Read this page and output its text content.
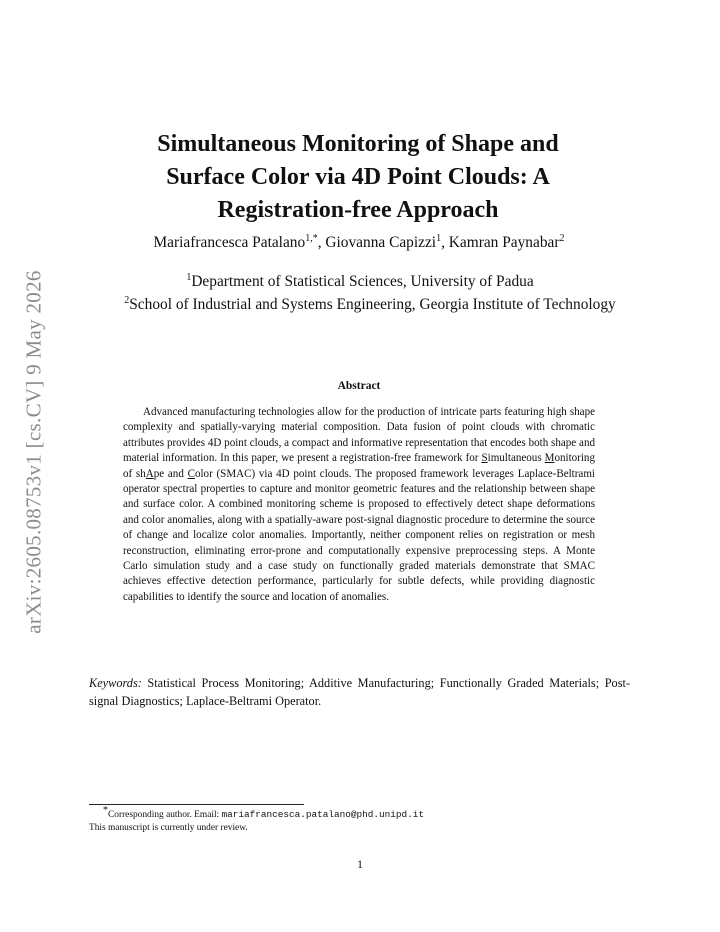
arXiv:2605.08753v1 [cs.CV] 9 May 2026
Simultaneous Monitoring of Shape and
Surface Color via 4D Point Clouds: A
Registration-free Approach
Mariafrancesca Patalano$^{1,*}$, Giovanna Capizzi$^1$, Kamran Paynabar$^2$
$^1$Department of Statistical Sciences, University of Padua
$^2$School of Industrial and Systems Engineering, Georgia Institute of Technology
Abstract
Advanced manufacturing technologies allow for the production of intricate parts featuring high shape complexity and spatially-varying material composition. Data fusion of point clouds with chromatic attributes provides 4D point clouds, a compact and informative representation that encodes both shape and material information. In this paper, we present a registration-free framework for Simultaneous Monitoring of shApe and Color (SMAC) via 4D point clouds. The proposed framework leverages Laplace-Beltrami operator spectral properties to capture and monitor geometric features and the relationship between shape and surface color. A combined monitoring scheme is proposed to effectively detect shape deformations and color anomalies, along with a spatially-aware post-signal diagnostic procedure to determine the source of change and localize color anomalies. Importantly, neither component relies on registration or mesh reconstruction, eliminating error-prone and computationally expensive preprocessing steps. A Monte Carlo simulation study and a case study on functionally graded materials demonstrate that SMAC achieves effective detection performance, particularly for subtle defects, while providing diagnostic capabilities to identify the source and location of anomalies.
Keywords: Statistical Process Monitoring; Additive Manufacturing; Functionally Graded Materials; Post-signal Diagnostics; Laplace-Beltrami Operator.
*Corresponding author. Email: mariafrancesca.patalano@phd.unipd.it
This manuscript is currently under review.
1
